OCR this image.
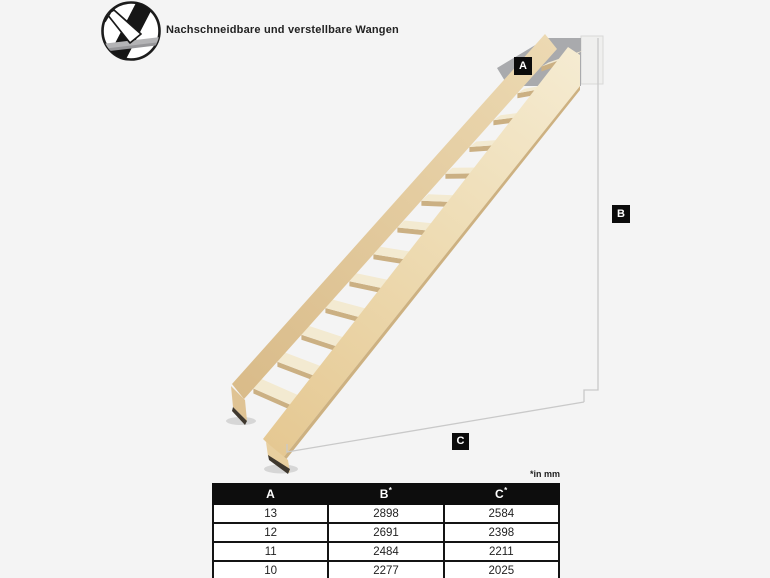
Nachschneidbare und verstellbare Wangen
A
B
C
*in mm
A	B*	C*
13	2898	2584
12	2691	2398
11	2484	2211
10	2277	2025
